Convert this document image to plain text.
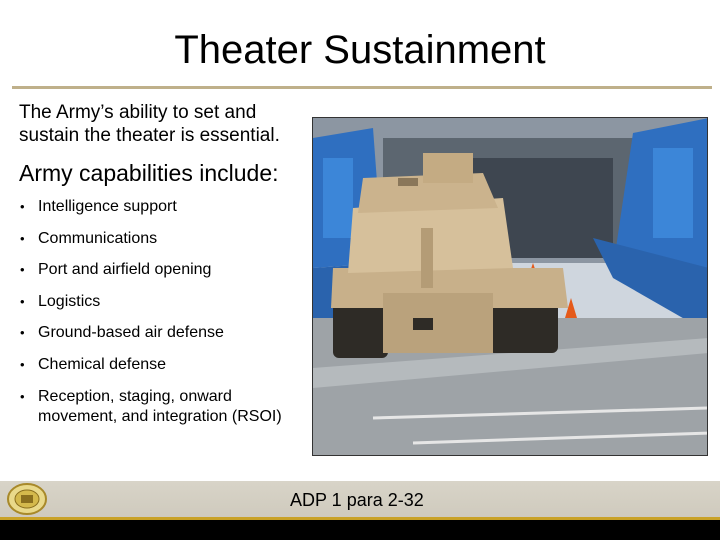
Theater Sustainment
The Army’s ability to set and sustain the theater is essential.
Army capabilities include:
• Intelligence support
• Communications
• Port and airfield opening
• Logistics
• Ground-based air defense
• Chemical defense
• Reception, staging, onward movement, and integration (RSOI)
ADP 1 para 2-32
